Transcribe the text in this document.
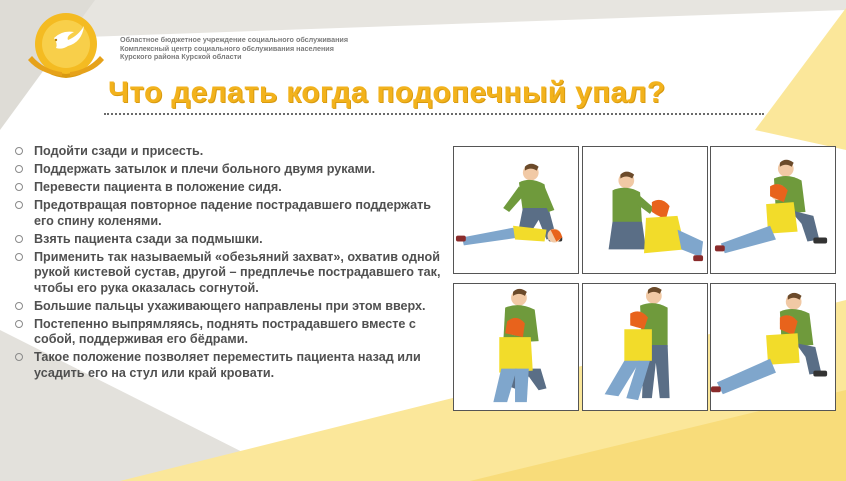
Областное бюджетное учреждение социального обслуживания
Комплексный центр социального обслуживания населения
Курского района Курской области
Что делать когда подопечный упал?
Подойти сзади и присесть.
Поддержать затылок и плечи больного двумя руками.
Перевести пациента в положение сидя.
Предотвращая повторное падение пострадавшего поддержать его спину коленями.
Взять пациента сзади за подмышки.
Применить так называемый «обезьяний захват», охватив одной рукой кистевой сустав, другой – предплечье пострадавшего так, чтобы его рука оказалась согнутой.
Большие пальцы ухаживающего направлены при этом вверх.
Постепенно выпрямляясь, поднять пострадавшего вместе с собой, поддерживая его бёдрами.
Такое положение позволяет переместить пациента назад или усадить его на стул или край кровати.
